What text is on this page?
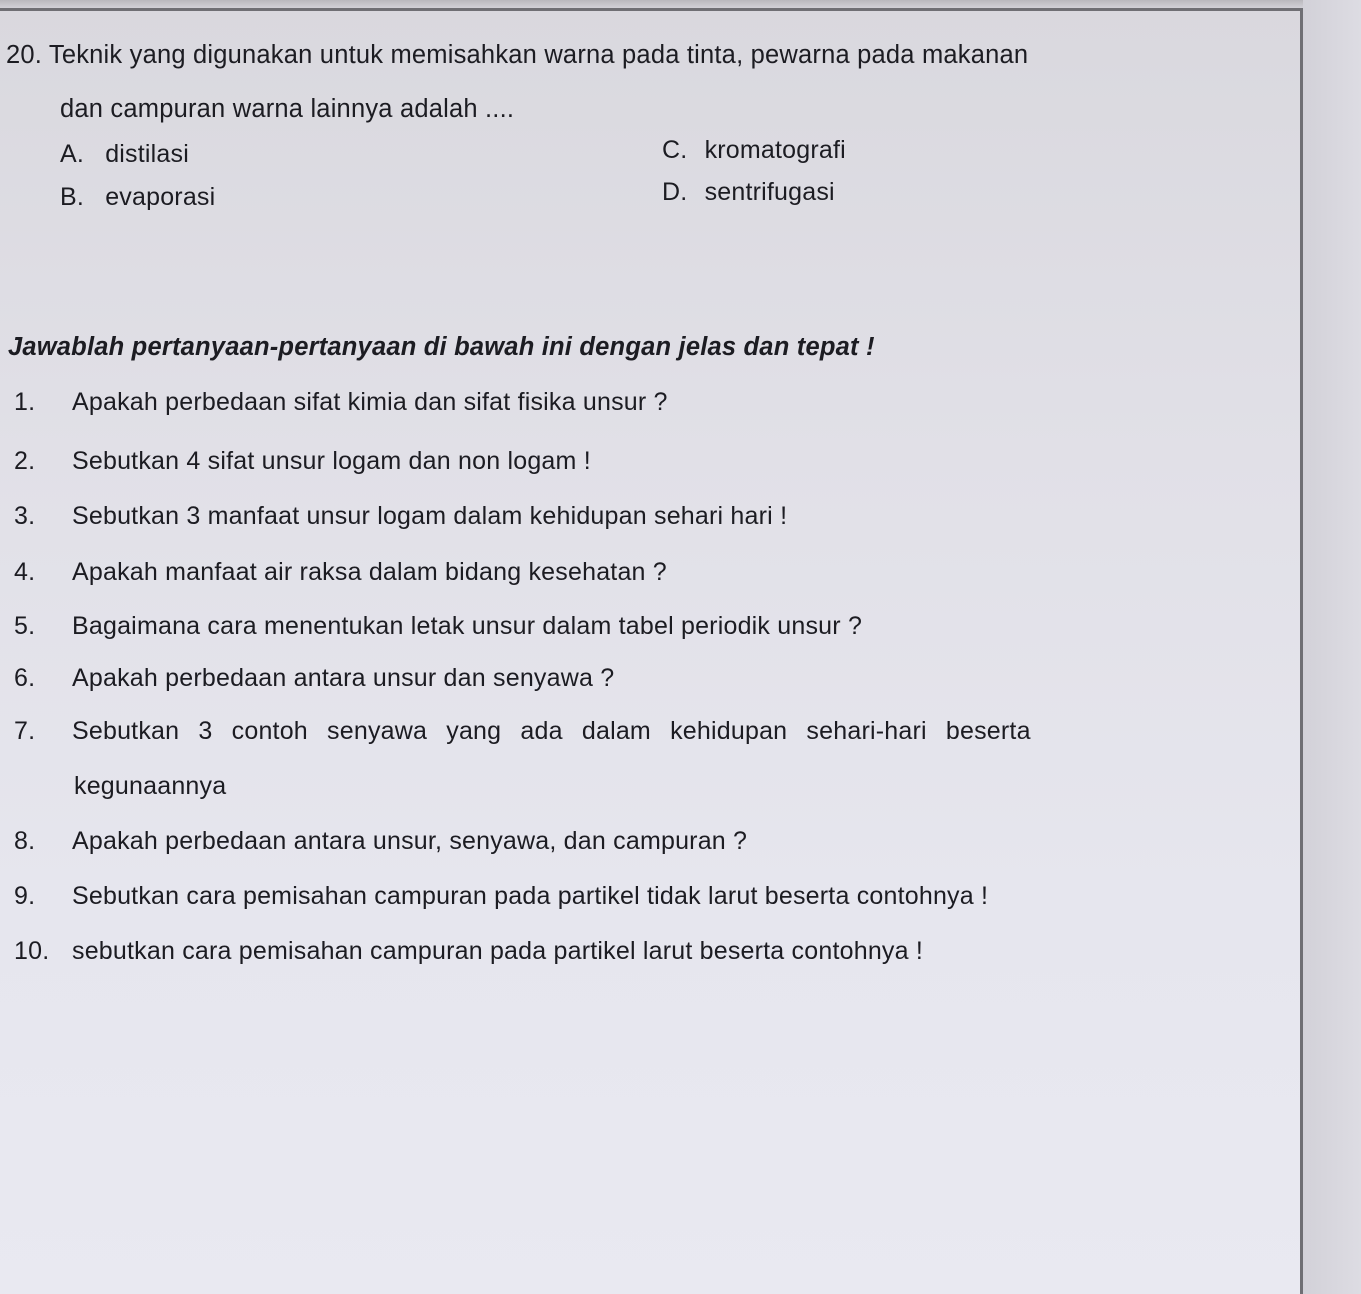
20. Teknik yang digunakan untuk memisahkan warna pada tinta, pewarna pada makanan
dan campuran warna lainnya adalah ....
A. distilasi
B. evaporasi
C. kromatografi
D. sentrifugasi
Jawablah pertanyaan-pertanyaan di bawah ini dengan jelas dan tepat !
1. Apakah perbedaan sifat kimia dan sifat fisika unsur ?
2. Sebutkan 4 sifat unsur logam dan non logam !
3. Sebutkan 3 manfaat unsur logam dalam kehidupan sehari hari !
4. Apakah manfaat air raksa dalam bidang kesehatan ?
5. Bagaimana cara menentukan letak unsur dalam tabel periodik unsur ?
6. Apakah perbedaan antara unsur dan senyawa ?
7. Sebutkan 3 contoh senyawa yang ada dalam kehidupan sehari-hari beserta
kegunaannya
8. Apakah perbedaan antara unsur, senyawa, dan campuran ?
9. Sebutkan cara pemisahan campuran pada partikel tidak larut beserta contohnya !
10. sebutkan cara pemisahan campuran pada partikel larut beserta contohnya !
